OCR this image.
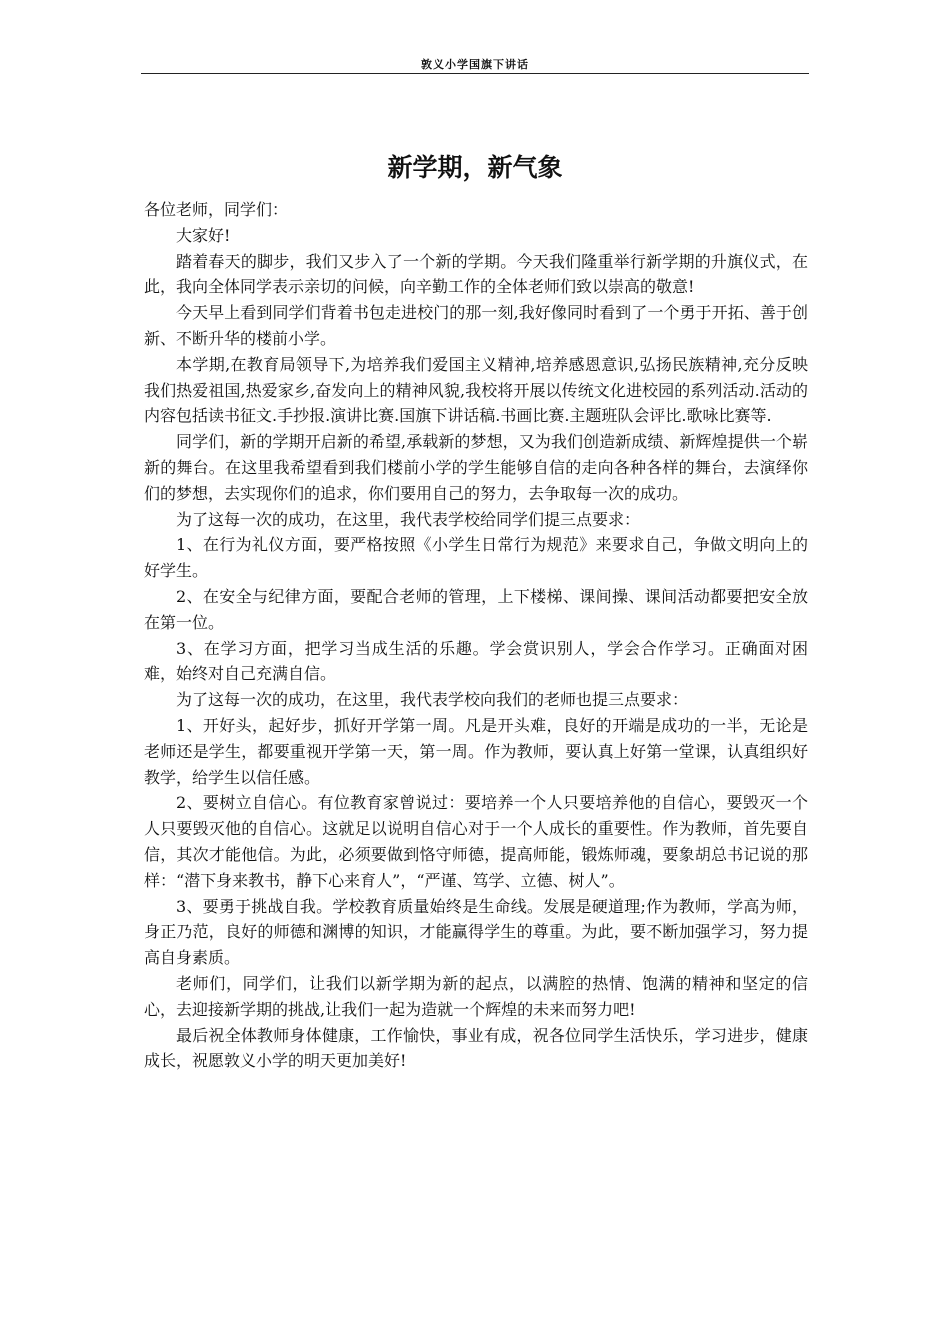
敦义小学国旗下讲话
新学期，新气象

各位老师，同学们：

大家好!

踏着春天的脚步，我们又步入了一个新的学期。今天我们隆重举行新学期的升旗仪式，在此，我向全体同学表示亲切的问候，向辛勤工作的全体老师们致以崇高的敬意!

今天早上看到同学们背着书包走进校门的那一刻,我好像同时看到了一个勇于开拓、善于创新、不断升华的楼前小学。

本学期,在教育局领导下,为培养我们爱国主义精神,培养感恩意识,弘扬民族精神,充分反映我们热爱祖国,热爱家乡,奋发向上的精神风貌,我校将开展以传统文化进校园的系列活动.活动的内容包括读书征文.手抄报.演讲比赛.国旗下讲话稿.书画比赛.主题班队会评比.歌咏比赛等.

同学们，新的学期开启新的希望,承载新的梦想，又为我们创造新成绩、新辉煌提供一个崭新的舞台。在这里我希望看到我们楼前小学的学生能够自信的走向各种各样的舞台，去演绎你们的梦想，去实现你们的追求，你们要用自己的努力，去争取每一次的成功。

为了这每一次的成功，在这里，我代表学校给同学们提三点要求：

1、在行为礼仪方面，要严格按照《小学生日常行为规范》来要求自己，争做文明向上的好学生。

2、在安全与纪律方面，要配合老师的管理，上下楼梯、课间操、课间活动都要把安全放在第一位。

3、在学习方面，把学习当成生活的乐趣。学会赏识别人，学会合作学习。正确面对困难，始终对自己充满自信。

为了这每一次的成功，在这里，我代表学校向我们的老师也提三点要求：

1、开好头，起好步，抓好开学第一周。凡是开头难，良好的开端是成功的一半，无论是老师还是学生，都要重视开学第一天，第一周。作为教师，要认真上好第一堂课，认真组织好教学，给学生以信任感。

2、要树立自信心。有位教育家曾说过：要培养一个人只要培养他的自信心，要毁灭一个人只要毁灭他的自信心。这就足以说明自信心对于一个人成长的重要性。作为教师，首先要自信，其次才能他信。为此，必须要做到恪守师德，提高师能，锻炼师魂，要象胡总书记说的那样：“潜下身来教书，静下心来育人”，“严谨、笃学、立德、树人”。

3、要勇于挑战自我。学校教育质量始终是生命线。发展是硬道理;作为教师，学高为师，身正乃范，良好的师德和渊博的知识，才能赢得学生的尊重。为此，要不断加强学习，努力提高自身素质。

老师们，同学们，让我们以新学期为新的起点，以满腔的热情、饱满的精神和坚定的信心，去迎接新学期的挑战,让我们一起为造就一个辉煌的未来而努力吧!

最后祝全体教师身体健康，工作愉快，事业有成，祝各位同学生活快乐，学习进步，健康成长，祝愿敦义小学的明天更加美好!
